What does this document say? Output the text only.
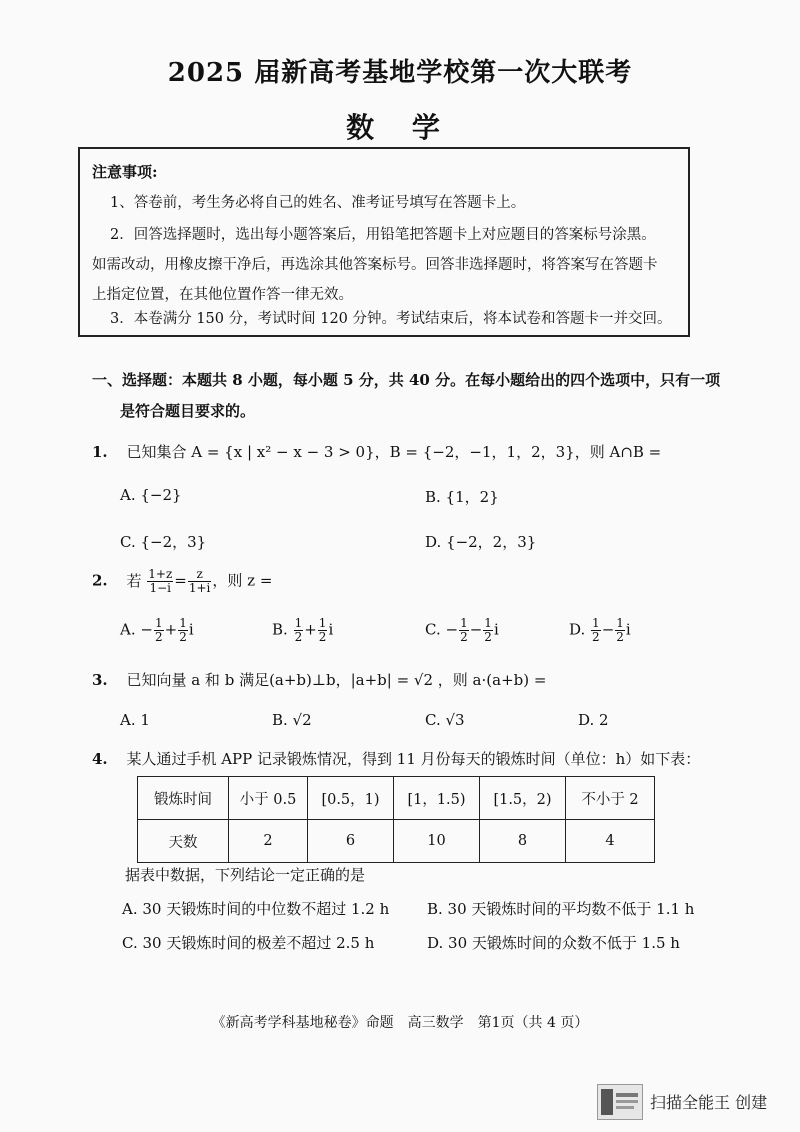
2025 届新高考基地学校第一次大联考
数 学
注意事项:
1、答卷前，考生务必将自己的姓名、准考证号填写在答题卡上。
2．回答选择题时，选出每小题答案后，用铅笔把答题卡上对应题目的答案标号涂黑。
如需改动，用橡皮擦干净后，再选涂其他答案标号。回答非选择题时，将答案写在答题卡
上指定位置，在其他位置作答一律无效。
3．本卷满分 150 分，考试时间 120 分钟。考试结束后，将本试卷和答题卡一并交回。
一、选择题：本题共 8 小题，每小题 5 分，共 40 分。在每小题给出的四个选项中，只有一项
是符合题目要求的。
1. 已知集合 A = {x | x² − x − 3 > 0}，B = {−2，−1，1，2，3}，则 A∩B =
A. {−2}	B. {1，2}
C. {−2，3}	D. {−2，2，3}
2. 若 $\frac{1+z}{1-i} = \frac{z}{1+i}$ ，则 z =
A. − $\frac{1}{2} + \frac{1}{2}$ i	B. $\frac{1}{2} + \frac{1}{2}$ i	C. − $\frac{1}{2} - \frac{1}{2}$ i	D. $\frac{1}{2} - \frac{1}{2}$ i
3. 已知向量 a 和 b 满足(a+b)⊥b，|a+b| = √2 ，则 a·(a+b) =
A. 1	B. √2	C. √3	D. 2
4. 某人通过手机 APP 记录锻炼情况，得到 11 月份每天的锻炼时间（单位：h）如下表：
锻炼时间	小于 0.5	[0.5，1)	[1，1.5)	[1.5，2)	不小于 2
天数	2	6	10	8	4
据表中数据，下列结论一定正确的是
A. 30 天锻炼时间的中位数不超过 1.2 h	B. 30 天锻炼时间的平均数不低于 1.1 h
C. 30 天锻炼时间的极差不超过 2.5 h	D. 30 天锻炼时间的众数不低于 1.5 h
《新高考学科基地秘卷》命题　高三数学　第1页（共 4 页）
扫描全能王 创建
